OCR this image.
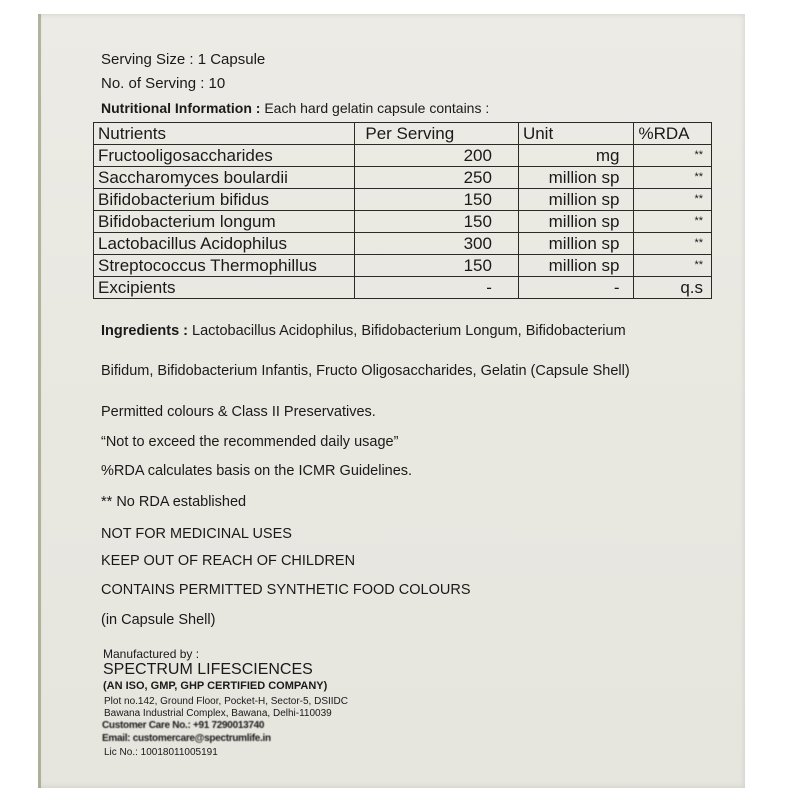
Serving Size : 1 Capsule
No. of Serving : 10
Nutritional Information : Each hard gelatin capsule contains :
Nutrients	Per Serving	Unit	%RDA
Fructooligosaccharides	200	mg	**
Saccharomyces boulardii	250	million sp	**
Bifidobacterium bifidus	150	million sp	**
Bifidobacterium longum	150	million sp	**
Lactobacillus Acidophilus	300	million sp	**
Streptococcus Thermophillus	150	million sp	**
Excipients	-	-	q.s
Ingredients : Lactobacillus Acidophilus, Bifidobacterium Longum, Bifidobacterium
Bifidum, Bifidobacterium Infantis, Fructo Oligosaccharides, Gelatin (Capsule Shell)
Permitted colours & Class II Preservatives.
“Not to exceed the recommended daily usage”
%RDA calculates basis on the ICMR Guidelines.
** No RDA established
NOT FOR MEDICINAL USES
KEEP OUT OF REACH OF CHILDREN
CONTAINS PERMITTED SYNTHETIC FOOD COLOURS
(in Capsule Shell)
Manufactured by :
SPECTRUM LIFESCIENCES
(AN ISO, GMP, GHP CERTIFIED COMPANY)
Plot no.142, Ground Floor, Pocket-H, Sector-5, DSIIDC
Bawana Industrial Complex, Bawana, Delhi-110039
Customer Care No.: +91 7290013740
Email: customercare@spectrumlife.in
Lic No.: 10018011005191
